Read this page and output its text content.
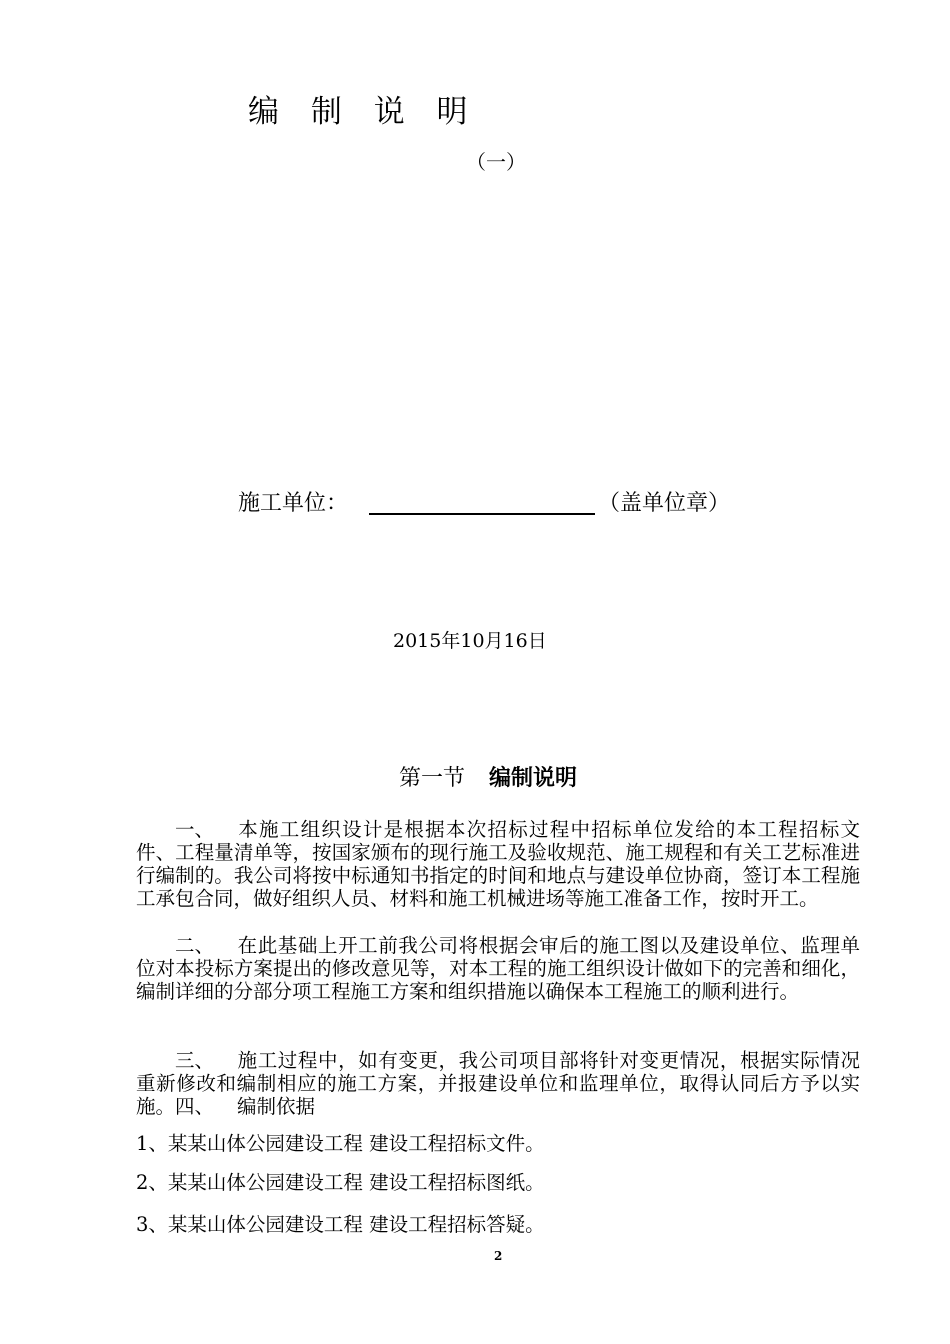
编 制 说 明
（一）
施工单位：	（盖单位章）
2015年10月16日
第一节 编制说明
一、 本施工组织设计是根据本次招标过程中招标单位发给的本工程招标文件、工程量清单等，按国家颁布的现行施工及验收规范、施工规程和有关工艺标准进行编制的。我公司将按中标通知书指定的时间和地点与建设单位协商，签订本工程施工承包合同，做好组织人员、材料和施工机械进场等施工准备工作，按时开工。
二、 在此基础上开工前我公司将根据会审后的施工图以及建设单位、监理单位对本投标方案提出的修改意见等，对本工程的施工组织设计做如下的完善和细化，编制详细的分部分项工程施工方案和组织措施以确保本工程施工的顺利进行。
三、 施工过程中，如有变更，我公司项目部将针对变更情况，根据实际情况重新修改和编制相应的施工方案，并报建设单位和监理单位，取得认同后方予以实施。 四、 编制依据
1、某某山体公园建设工程 建设工程招标文件。
2、某某山体公园建设工程 建设工程招标图纸。
3、某某山体公园建设工程 建设工程招标答疑。
2
